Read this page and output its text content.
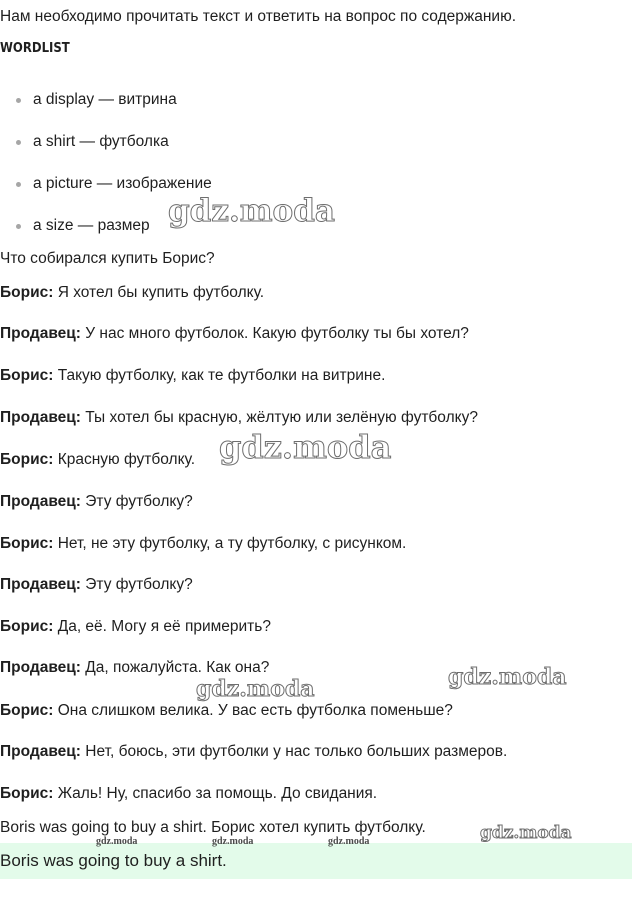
Нам необходимо прочитать текст и ответить на вопрос по содержанию.
WORDLIST
a display — витрина
a shirt — футболка
a picture — изображение
a size — размер
Что собирался купить Борис?
Борис: Я хотел бы купить футболку.
Продавец: У нас много футболок. Какую футболку ты бы хотел?
Борис: Такую футболку, как те футболки на витрине.
Продавец: Ты хотел бы красную, жёлтую или зелёную футболку?
Борис: Красную футболку.
Продавец: Эту футболку?
Борис: Нет, не эту футболку, а ту футболку, с рисунком.
Продавец: Эту футболку?
Борис: Да, её. Могу я её примерить?
Продавец: Да, пожалуйста. Как она?
Борис: Она слишком велика. У вас есть футболка поменьше?
Продавец: Нет, боюсь, эти футболки у нас только больших размеров.
Борис: Жаль! Ну, спасибо за помощь. До свидания.
Boris was going to buy a shirt. Борис хотел купить футболку.
Boris was going to buy a shirt.
gdz.moda
gdz.moda
gdz.moda
gdz.moda
gdz.moda
gdz.moda	gdz.moda	gdz.moda
